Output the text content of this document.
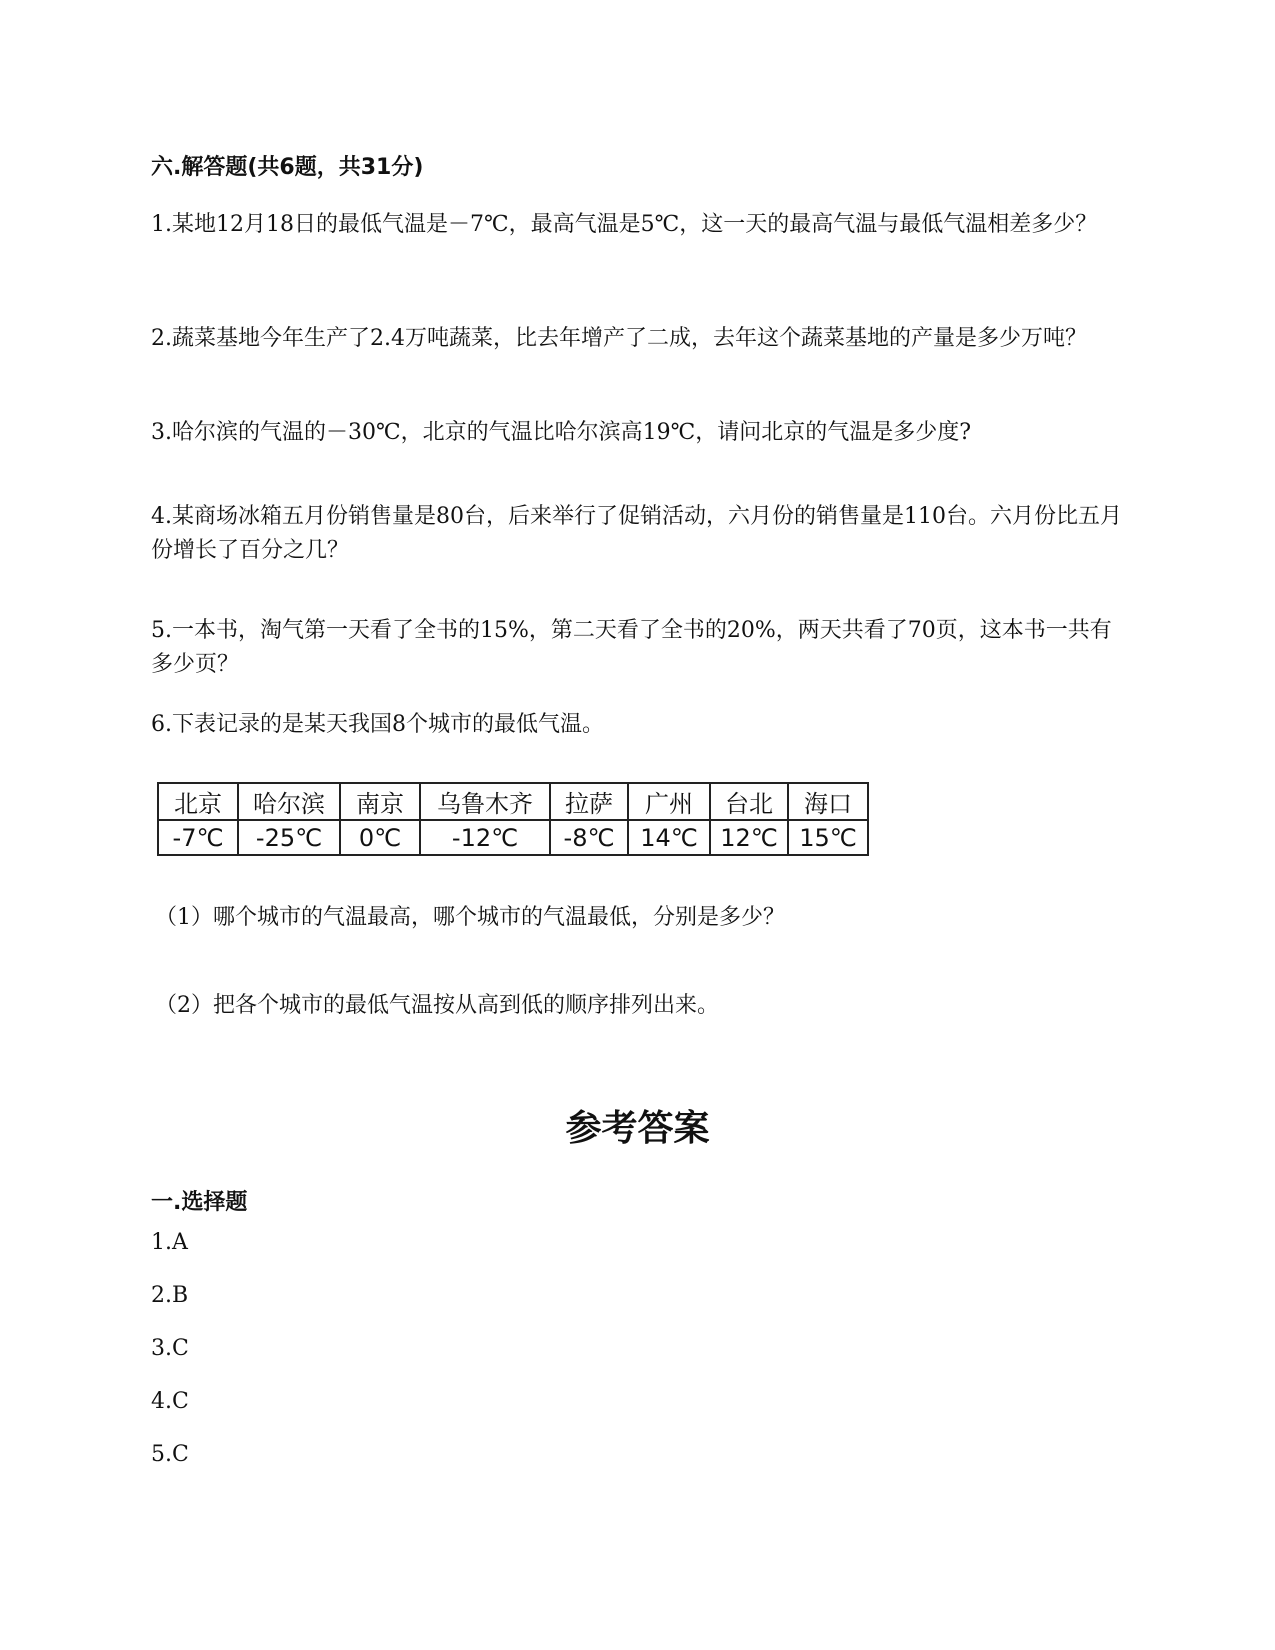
六.解答题(共6题，共31分)
1.某地12月18日的最低气温是－7℃，最高气温是5℃，这一天的最高气温与最低气温相差多少？
2.蔬菜基地今年生产了2.4万吨蔬菜，比去年增产了二成，去年这个蔬菜基地的产量是多少万吨？
3.哈尔滨的气温的－30℃，北京的气温比哈尔滨高19℃，请问北京的气温是多少度?
4.某商场冰箱五月份销售量是80台，后来举行了促销活动，六月份的销售量是110台。六月份比五月份增长了百分之几？
5.一本书，淘气第一天看了全书的15%，第二天看了全书的20%，两天共看了70页，这本书一共有多少页？
6.下表记录的是某天我国8个城市的最低气温。
北京	哈尔滨	南京	乌鲁木齐	拉萨	广州	台北	海口
-7℃	-25℃	0℃	-12℃	-8℃	14℃	12℃	15℃
（1）哪个城市的气温最高，哪个城市的气温最低，分别是多少？
（2）把各个城市的最低气温按从高到低的顺序排列出来。
参考答案
一.选择题
1.A
2.B
3.C
4.C
5.C
